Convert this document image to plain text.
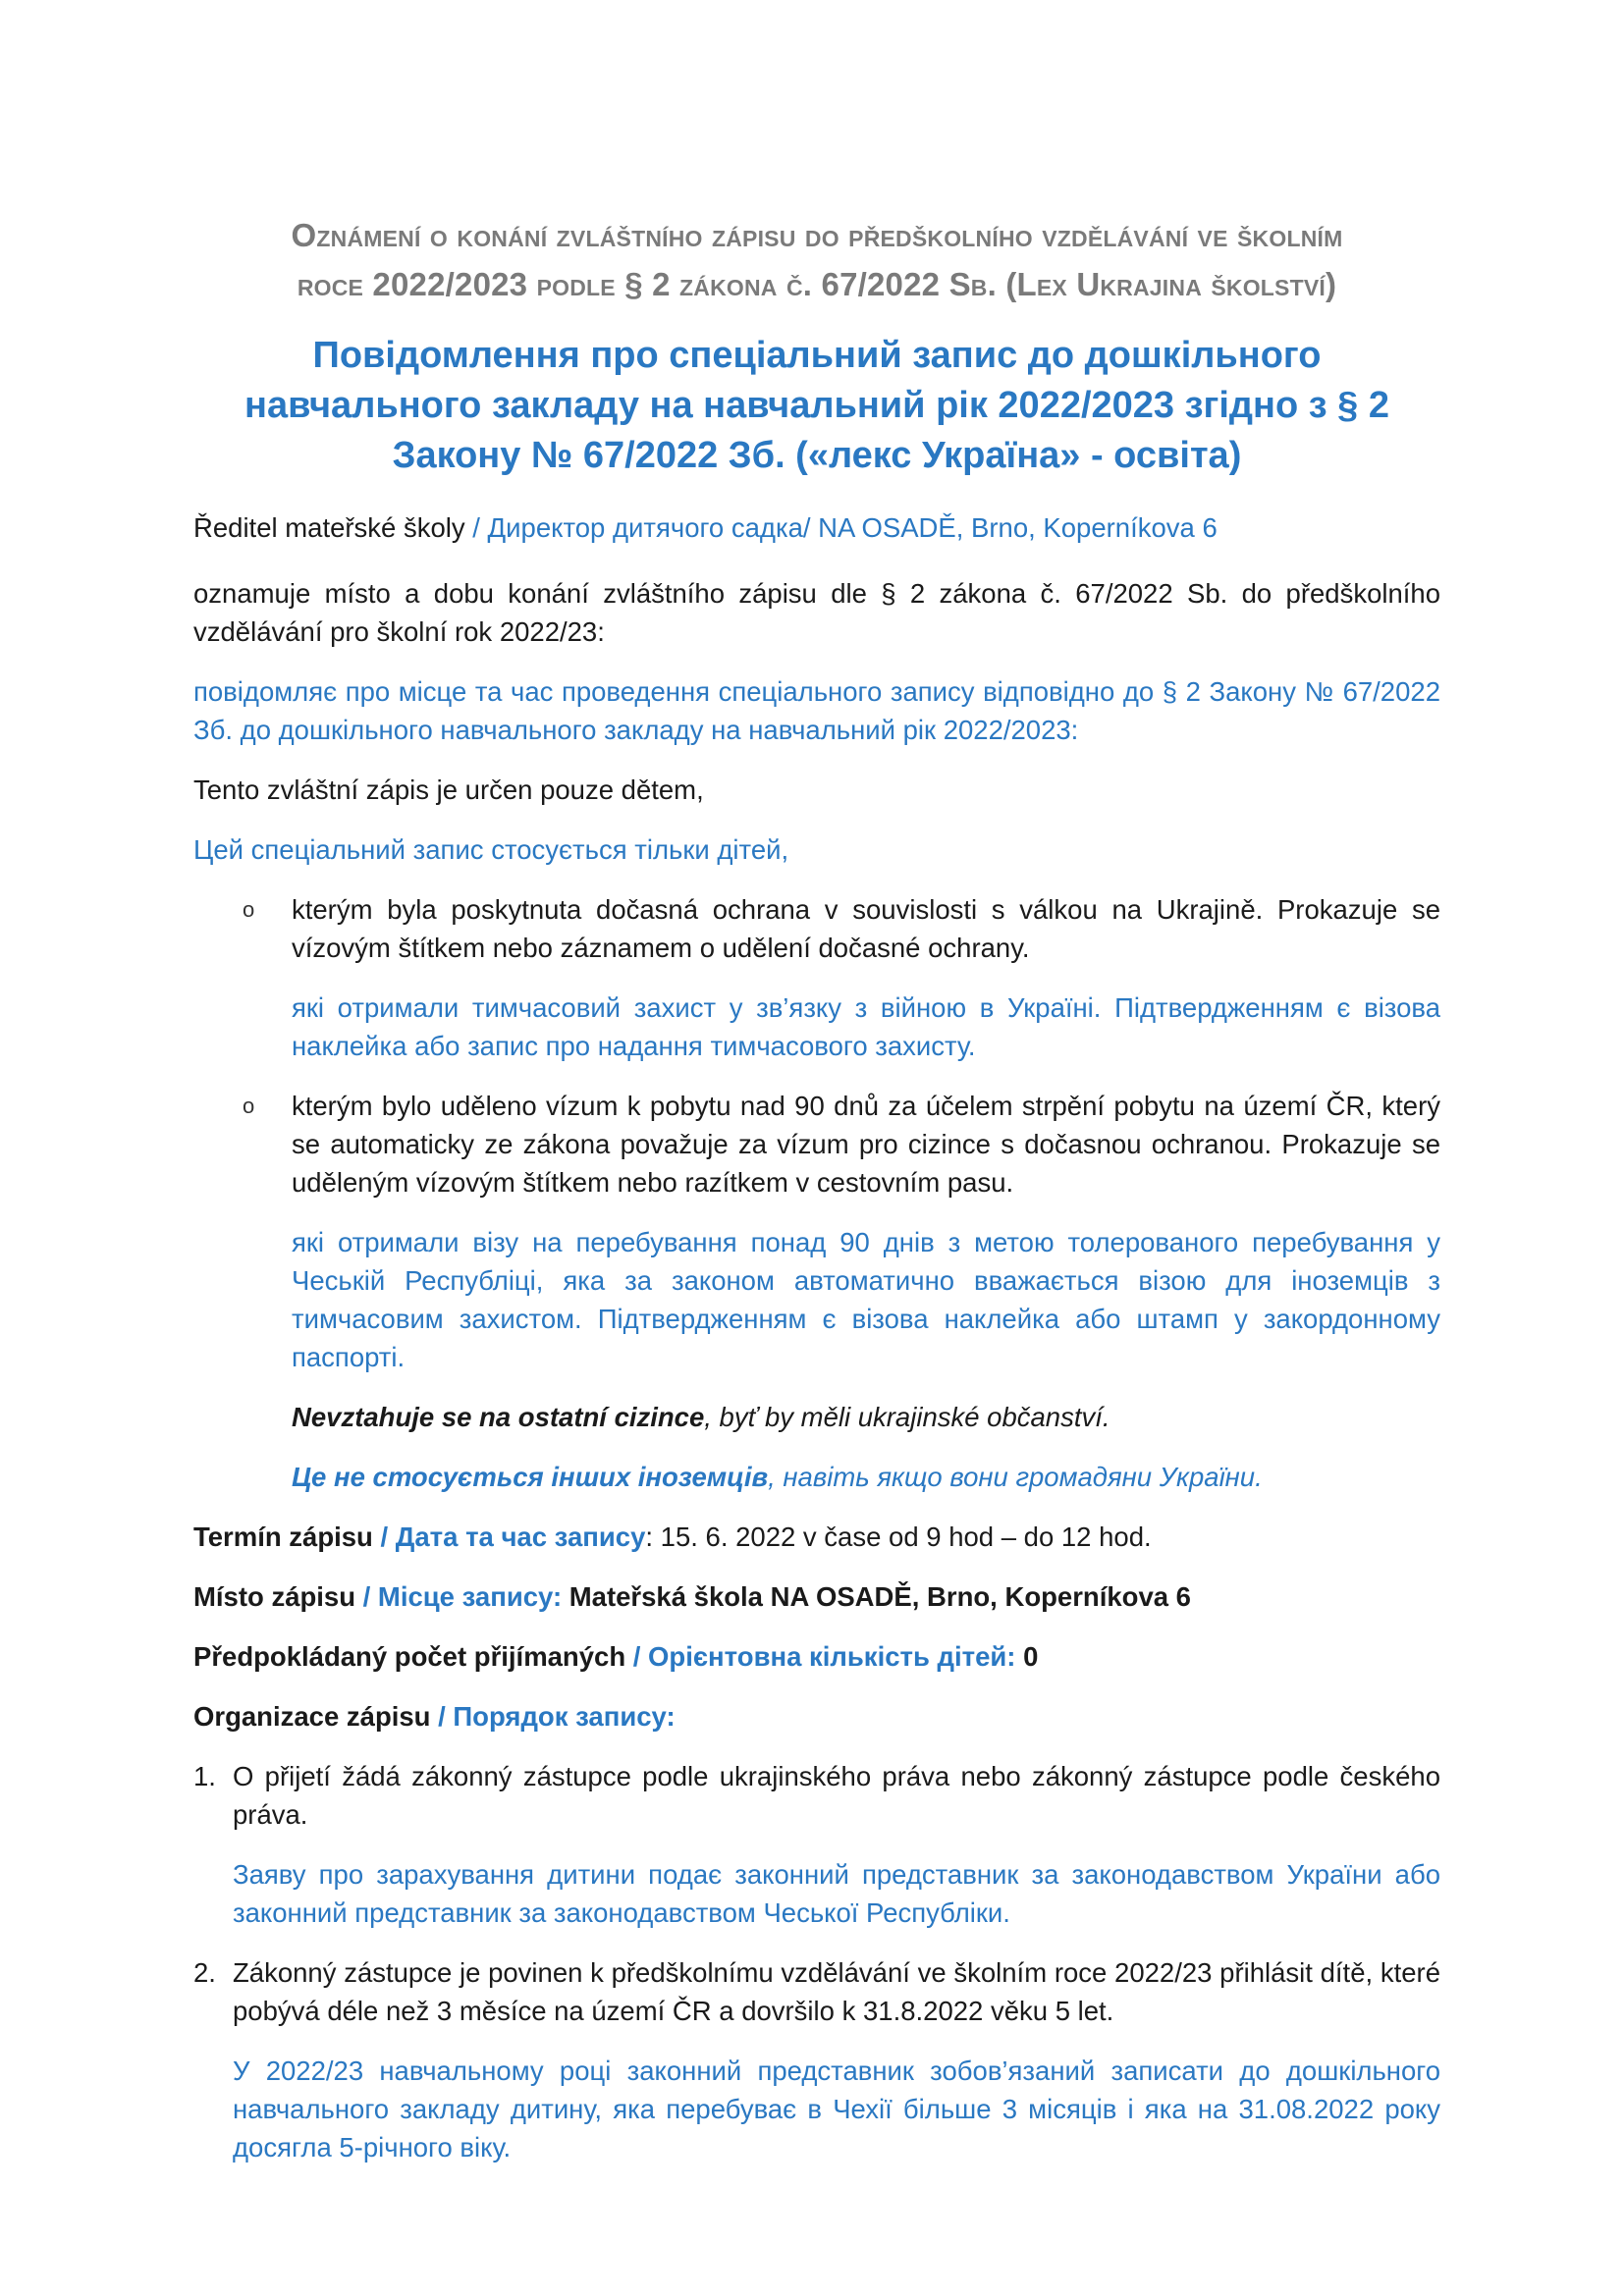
Oznámení o konání zvláštního zápisu do předškolního vzdělávání ve školním
roce 2022/2023 podle § 2 zákona č. 67/2022 Sb. (Lex Ukrajina školství)
Повідомлення про спеціальний запис до дошкільного навчального закладу на навчальний рік 2022/2023 згідно з § 2 Закону № 67/2022 Зб. («лекс Україна» - освіта)

Ředitel mateřské školy / Директор дитячого садка/ NA OSADĚ, Brno, Koperníkova 6

oznamuje místo a dobu konání zvláštního zápisu dle § 2 zákona č. 67/2022 Sb. do předškolního vzdělávání pro školní rok 2022/23:

повідомляє про місце та час проведення спеціального запису відповідно до § 2 Закону № 67/2022 Зб. до дошкільного навчального закладу на навчальний рік 2022/2023:

Tento zvláštní zápis je určen pouze dětem,

Цей спеціальний запис стосується тільки дітей,

o	kterým byla poskytnuta dočasná ochrana v souvislosti s válkou na Ukrajině. Prokazuje se vízovým štítkem nebo záznamem o udělení dočasné ochrany.

які отримали тимчасовий захист у зв’язку з війною в Україні. Підтвердженням є візова наклейка або запис про надання тимчасового захисту.

o	kterým bylo uděleno vízum k pobytu nad 90 dnů za účelem strpění pobytu na území ČR, který se automaticky ze zákona považuje za vízum pro cizince s dočasnou ochranou. Prokazuje se uděleným vízovým štítkem nebo razítkem v cestovním pasu.

які отримали візу на перебування понад 90 днів з метою толерованого перебування у Чеській Республіці, яка за законом автоматично вважається візою для іноземців з тимчасовим захистом. Підтвердженням є візова наклейка або штамп у закордонному паспорті.

Nevztahuje se na ostatní cizince, byť by měli ukrajinské občanství.

Це не стосується інших іноземців, навіть якщо вони громадяни України.

Termín zápisu / Дата та час запису: 15. 6. 2022 v čase od 9 hod – do 12 hod.

Místo zápisu / Місце запису: Mateřská škola NA OSADĚ, Brno, Koperníkova 6

Předpokládaný počet přijímaných / Орієнтовна кількість дітей: 0

Organizace zápisu / Порядок запису:

1. O přijetí žádá zákonný zástupce podle ukrajinského práva nebo zákonný zástupce podle českého práva.

Заяву про зарахування дитини подає законний представник за законодавством України або законний представник за законодавством Чеської Республіки.

2. Zákonný zástupce je povinen k předškolnímu vzdělávání ve školním roce 2022/23 přihlásit dítě, které pobývá déle než 3 měsíce na území ČR a dovršilo k 31.8.2022 věku 5 let.

У 2022/23 навчальному році законний представник зобов’язаний записати до дошкільного навчального закладу дитину, яка перебуває в Чехії більше 3 місяців і яка на 31.08.2022 року досягла 5-річного віку.
